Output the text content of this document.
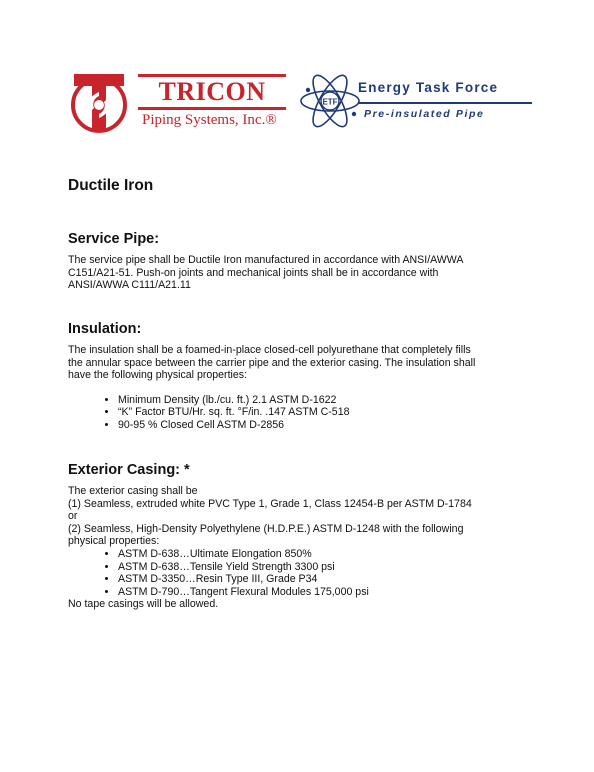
TRICON
Piping Systems, Inc.®
ETF
Energy Task Force
Pre-insulated Pipe
Ductile Iron
Service Pipe:

The service pipe shall be Ductile Iron manufactured in accordance with ANSI/AWWA
C151/A21-51. Push-on joints and mechanical joints shall be in accordance with
ANSI/AWWA C111/A21.11

Insulation:

The insulation shall be a foamed-in-place closed-cell polyurethane that completely fills
the annular space between the carrier pipe and the exterior casing. The insulation shall
have the following physical properties:

• Minimum Density (lb./cu. ft.) 2.1 ASTM D-1622
• “K” Factor BTU/Hr. sq. ft. °F/in. .147 ASTM C-518
• 90-95 % Closed Cell ASTM D-2856
Exterior Casing: *

The exterior casing shall be
(1) Seamless, extruded white PVC Type 1, Grade 1, Class 12454-B per ASTM D-1784
or
(2) Seamless, High-Density Polyethylene (H.D.P.E.) ASTM D-1248 with the following
physical properties:

• ASTM D-638…Ultimate Elongation 850%
• ASTM D-638…Tensile Yield Strength 3300 psi
• ASTM D-3350…Resin Type III, Grade P34
• ASTM D-790…Tangent Flexural Modules 175,000 psi

No tape casings will be allowed.
